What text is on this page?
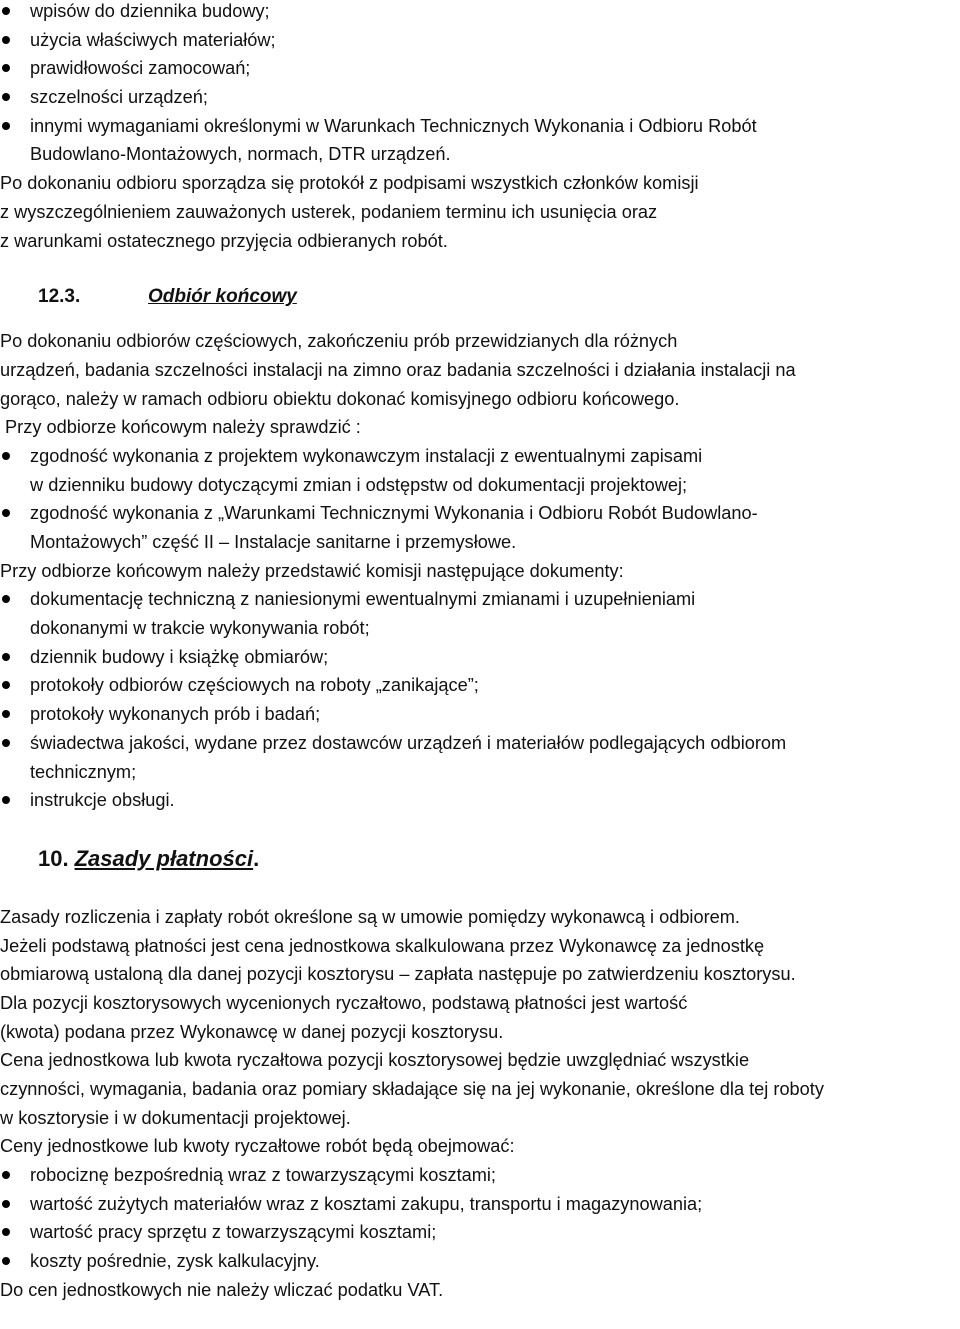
wpisów do dziennika budowy;
użycia właściwych materiałów;
prawidłowości zamocowań;
szczelności urządzeń;
innymi wymaganiami określonymi w Warunkach Technicznych Wykonania i Odbioru Robót
Budowlano-Montażowych, normach, DTR urządzeń.
Po dokonaniu odbioru sporządza się protokół z podpisami wszystkich członków komisji
z wyszczególnieniem zauważonych usterek, podaniem terminu ich usunięcia oraz
z warunkami ostatecznego przyjęcia odbieranych robót.
12.3.	Odbiór końcowy
Po dokonaniu odbiorów częściowych, zakończeniu prób przewidzianych dla różnych
urządzeń, badania szczelności instalacji na zimno oraz badania szczelności i działania instalacji na
gorąco, należy w ramach odbioru obiektu dokonać komisyjnego odbioru końcowego.
Przy odbiorze końcowym należy sprawdzić :
zgodność wykonania z projektem wykonawczym instalacji z ewentualnymi zapisami
w dzienniku budowy dotyczącymi zmian i odstępstw od dokumentacji projektowej;
zgodność wykonania z „Warunkami Technicznymi Wykonania i Odbioru Robót Budowlano-
Montażowych” część II – Instalacje sanitarne i przemysłowe.
Przy odbiorze końcowym należy przedstawić komisji następujące dokumenty:
dokumentację techniczną z naniesionymi ewentualnymi zmianami i uzupełnieniami
dokonanymi w trakcie wykonywania robót;
dziennik budowy i książkę obmiarów;
protokoły odbiorów częściowych na roboty „zanikające”;
protokoły wykonanych prób i badań;
świadectwa jakości, wydane przez dostawców urządzeń i materiałów podlegających odbiorom
technicznym;
instrukcje obsługi.
10. Zasady płatności.
Zasady rozliczenia i zapłaty robót określone są w umowie pomiędzy wykonawcą i odbiorem.
Jeżeli podstawą płatności jest cena jednostkowa skalkulowana przez Wykonawcę za jednostkę
obmiarową ustaloną dla danej pozycji kosztorysu – zapłata następuje po zatwierdzeniu kosztorysu.
Dla pozycji kosztorysowych wycenionych ryczałtowo, podstawą płatności jest wartość
(kwota) podana przez Wykonawcę w danej pozycji kosztorysu.
Cena jednostkowa lub kwota ryczałtowa pozycji kosztorysowej będzie uwzględniać wszystkie
czynności, wymagania, badania oraz pomiary składające się na jej wykonanie, określone dla tej roboty
w kosztorysie i w dokumentacji projektowej.
Ceny jednostkowe lub kwoty ryczałtowe robót będą obejmować:
robociznę bezpośrednią wraz z towarzyszącymi kosztami;
wartość zużytych materiałów wraz z kosztami zakupu, transportu i magazynowania;
wartość pracy sprzętu z towarzyszącymi kosztami;
koszty pośrednie, zysk kalkulacyjny.
Do cen jednostkowych nie należy wliczać podatku VAT.
